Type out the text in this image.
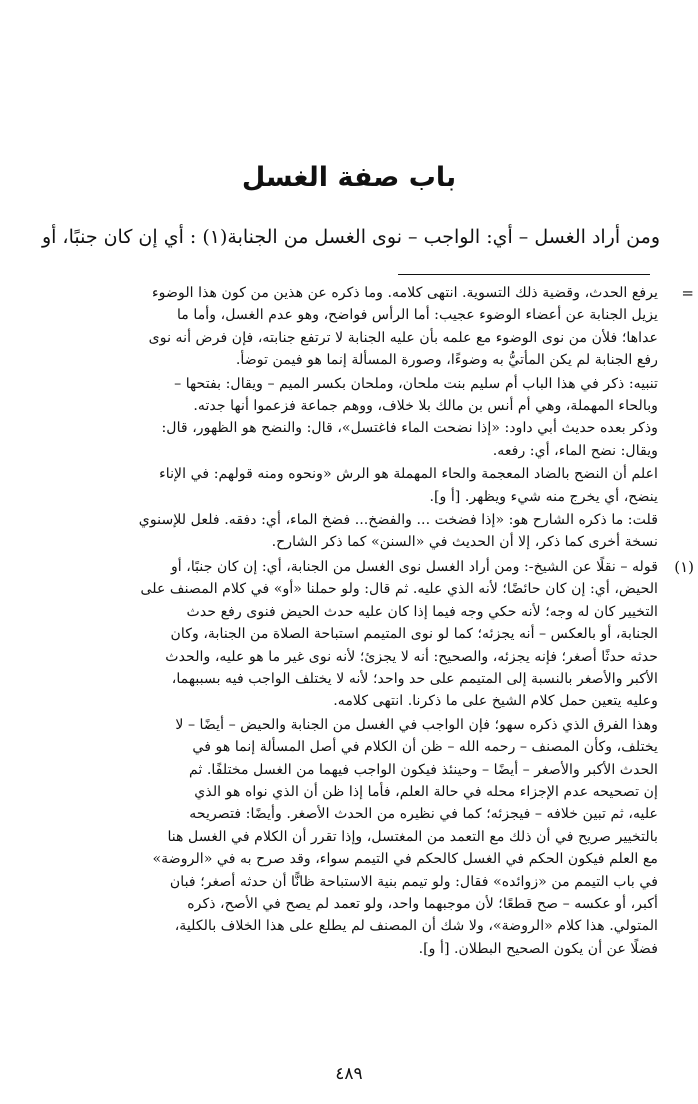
باب صفة الغسل
ومن أراد الغسل – أي: الواجب – نوى الغسل من الجنابة(١) : أي إن كان جنبًا، أو
=
يرفع الحدث، وقضية ذلك التسوية. انتهى كلامه. وما ذكره عن هذين من كون هذا الوضوء
يزيل الجنابة عن أعضاء الوضوء عجيب: أما الرأس فواضح، وهو عدم الغسل، وأما ما
عداها؛ فلأن من نوى الوضوء مع علمه بأن عليه الجنابة لا ترتفع جنابته، فإن فرض أنه نوى
رفع الجنابة لم يكن المأتيُّ به وضوءًا، وصورة المسألة إنما هو فيمن توضأ.
تنبيه: ذكر في هذا الباب أم سليم بنت ملحان، وملحان بكسر الميم – ويقال: بفتحها –
وبالحاء المهملة، وهي أم أنس بن مالك بلا خلاف، ووهم جماعة فزعموا أنها جدته.
وذكر بعده حديث أبي داود: «إذا نضحت الماء فاغتسل»، قال: والنضح هو الظهور، قال:
ويقال: نضح الماء، أي: رفعه.
اعلم أن النضح بالضاد المعجمة والحاء المهملة هو الرش «ونحوه ومنه قولهم: في الإناء
ينضح، أي يخرج منه شيء ويظهر. [أ و].
قلت: ما ذكره الشارح هو: «إذا فضخت ... والفضخ... فضخ الماء، أي: دفقه. فلعل للإسنوي
نسخة أخرى كما ذكر، إلا أن الحديث في «السنن» كما ذكر الشارح.
(١)
قوله – نقلًا عن الشيخ-: ومن أراد الغسل نوى الغسل من الجنابة، أي: إن كان جنبًا، أو
الحيض، أي: إن كان حائضًا؛ لأنه الذي عليه. ثم قال: ولو حملنا «أو» في كلام المصنف على
التخيير كان له وجه؛ لأنه حكي وجه فيما إذا كان عليه حدث الحيض فنوى رفع حدث
الجنابة، أو بالعكس – أنه يجزئه؛ كما لو نوى المتيمم استباحة الصلاة من الجنابة، وكان
حدثه حدثًا أصغر؛ فإنه يجزئه، والصحيح: أنه لا يجزئ؛ لأنه نوى غير ما هو عليه، والحدث
الأكبر والأصغر بالنسبة إلى المتيمم على حد واحد؛ لأنه لا يختلف الواجب فيه بسببهما،
وعليه يتعين حمل كلام الشيخ على ما ذكرنا. انتهى كلامه.
وهذا الفرق الذي ذكره سهو؛ فإن الواجب في الغسل من الجنابة والحيض – أيضًا – لا
يختلف، وكأن المصنف – رحمه الله – ظن أن الكلام في أصل المسألة إنما هو في
الحدث الأكبر والأصغر – أيضًا – وحينئذ فيكون الواجب فيهما من الغسل مختلفًا. ثم
إن تصحيحه عدم الإجزاء محله في حالة العلم، فأما إذا ظن أن الذي نواه هو الذي
عليه، ثم تبين خلافه – فيجزئه؛ كما في نظيره من الحدث الأصغر. وأيضًا: فتصريحه
بالتخيير صريح في أن ذلك مع التعمد من المغتسل، وإذا تقرر أن الكلام في الغسل هنا
مع العلم فيكون الحكم في الغسل كالحكم في التيمم سواء، وقد صرح به في «الروضة»
في باب التيمم من «زوائده» فقال: ولو تيمم بنية الاستباحة ظانًّا أن حدثه أصغر؛ فبان
أكبر، أو عكسه – صح قطعًا؛ لأن موجبهما واحد، ولو تعمد لم يصح في الأصح، ذكره
المتولي. هذا كلام «الروضة»، ولا شك أن المصنف لم يطلع على هذا الخلاف بالكلية،
فضلًا عن أن يكون الصحيح البطلان. [أ و].
٤٨٩
